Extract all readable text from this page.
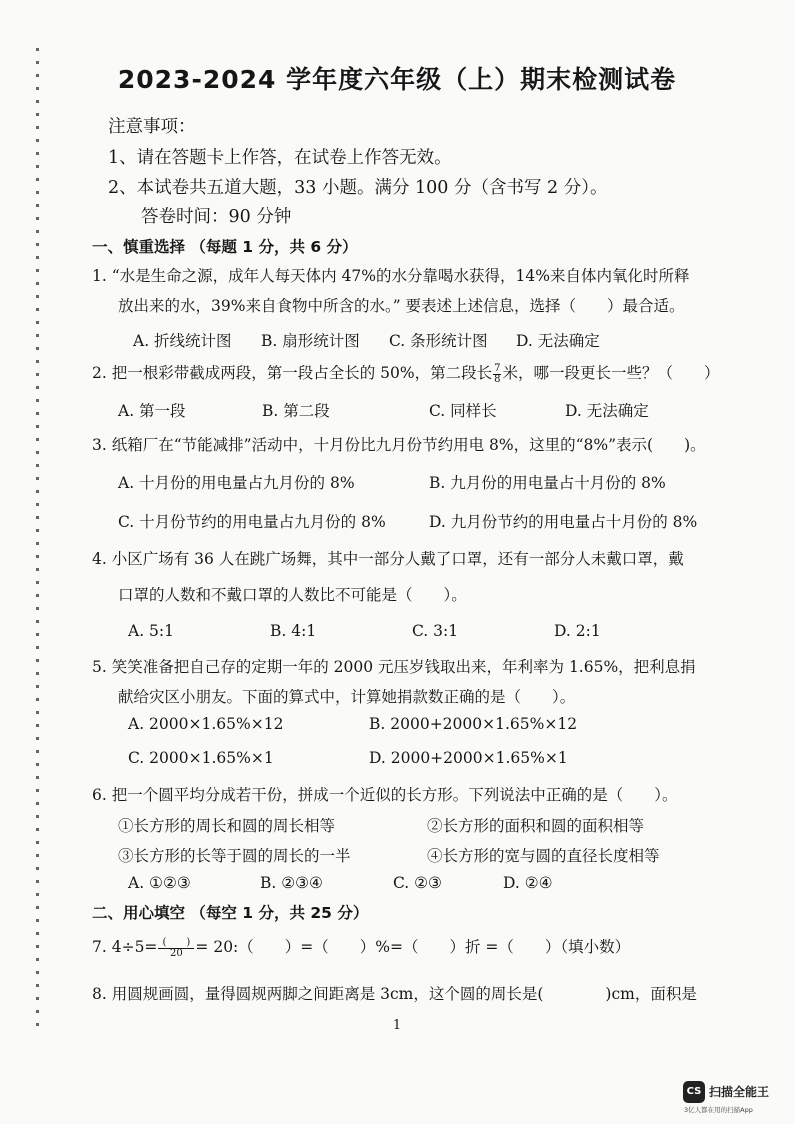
2023-2024 学年度六年级（上）期末检测试卷
注意事项：
1、请在答题卡上作答，在试卷上作答无效。
2、本试卷共五道大题，33 小题。满分 100 分（含书写 2 分）。
答卷时间：90 分钟
一、慎重选择 （每题 1 分，共 6 分）
1. “水是生命之源，成年人每天体内 47%的水分靠喝水获得，14%来自体内氧化时所释
放出来的水，39%来自食物中所含的水。” 要表述上述信息，选择（　　）最合适。
A. 折线统计图 B. 扇形统计图 C. 条形统计图 D. 无法确定
2. 把一根彩带截成两段，第一段占全长的 50%，第二段长 $\frac{7}{8}$ 米，哪一段更长一些？（　　）
A. 第一段	B. 第二段	C. 同样长	D. 无法确定
3. 纸箱厂在“节能减排”活动中，十月份比九月份节约用电 8%，这里的“8%”表示(　　)。
A. 十月份的用电量占九月份的 8%	B. 九月份的用电量占十月份的 8%
C. 十月份节约的用电量占九月份的 8%	D. 九月份节约的用电量占十月份的 8%
4. 小区广场有 36 人在跳广场舞，其中一部分人戴了口罩，还有一部分人未戴口罩，戴
口罩的人数和不戴口罩的人数比不可能是（　　）。
A. 5:1	B. 4:1	C. 3:1	D. 2:1
5. 笑笑准备把自己存的定期一年的 2000 元压岁钱取出来，年利率为 1.65%，把利息捐
献给灾区小朋友。下面的算式中，计算她捐款数正确的是（　　）。
A. 2000×1.65%×12	B. 2000+2000×1.65%×12
C. 2000×1.65%×1	D. 2000+2000×1.65%×1
6. 把一个圆平均分成若干份，拼成一个近似的长方形。下列说法中正确的是（　　）。
①长方形的周长和圆的周长相等	②长方形的面积和圆的面积相等
③长方形的长等于圆的周长的一半	④长方形的宽与圆的直径长度相等
A. ①②③	B. ②③④	C. ②③	D. ②④
二、用心填空 （每空 1 分，共 25 分）
7. $4\div 5= \frac{( )}{20}$ = 20:（　　）=（　　）%=（　　）折 =（　　）（填小数）
8. 用圆规画圆，量得圆规两脚之间距离是 3cm，这个圆的周长是(　　　　)cm，面积是
1
CS 扫描全能王
3亿人都在用的扫描App
